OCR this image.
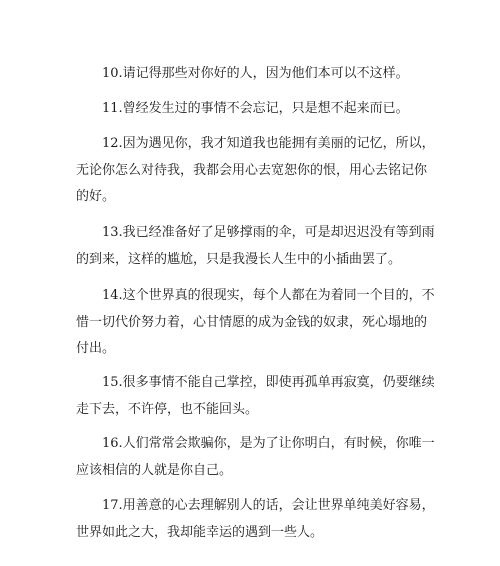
10.请记得那些对你好的人，因为他们本可以不这样。
11.曾经发生过的事情不会忘记，只是想不起来而已。
12.因为遇见你，我才知道我也能拥有美丽的记忆，所以，
无论你怎么对待我，我都会用心去宽恕你的恨，用心去铭记你
的好。
13.我已经准备好了足够撑雨的伞，可是却迟迟没有等到雨
的到来，这样的尴尬，只是我漫长人生中的小插曲罢了。
14.这个世界真的很现实，每个人都在为着同一个目的，不
惜一切代价努力着，心甘情愿的成为金钱的奴隶，死心塌地的
付出。
15.很多事情不能自己掌控，即使再孤单再寂寞，仍要继续
走下去，不许停，也不能回头。
16.人们常常会欺骗你，是为了让你明白，有时候，你唯一
应该相信的人就是你自己。
17.用善意的心去理解别人的话，会让世界单纯美好容易，
世界如此之大，我却能幸运的遇到一些人。
